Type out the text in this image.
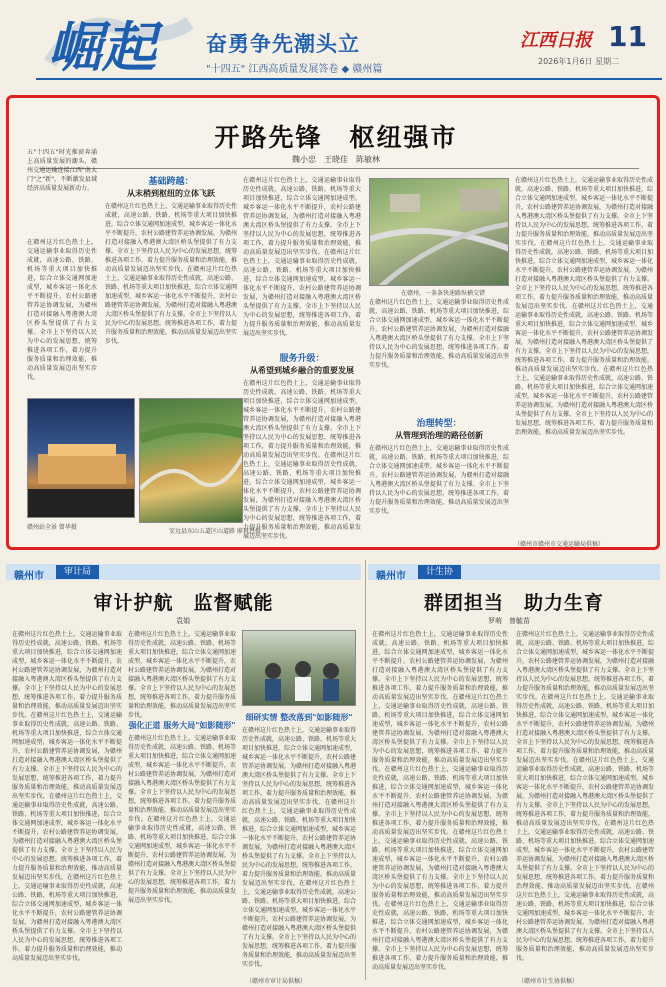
崛起	奋勇争先潮头立
"十四五" 江西高质量发展答卷 ◆ 赣州篇
江西日报 11
2026年1月6日 星期二
开路先锋　枢纽强市
魏小忠　王晓佳　陈敏林
五"十四五"时光推窗奔涌上高质量发展的潮头，赣州交通运输连接江西"南大门"之"新"，不断激发县域经济高质量发展新动力。
在赣州这片红色热土上，交通运输事业取得历史性成就，高速公路、铁路、机场等重大项目加快推进，综合立体交通网加速成型，城乡客运一体化水平不断提升，农村公路建管养运协调发展，为赣州打造对接融入粤港澳大湾区桥头堡提供了有力支撑。全市上下坚持以人民为中心的发展思想，统筹推进各项工作，着力提升服务质量和治理效能，推动高质量发展迈出坚实步伐。
基础跨越：
从末梢到枢纽的立体飞跃
在赣州这片红色热土上，交通运输事业取得历史性成就，高速公路、铁路、机场等重大项目加快推进，综合立体交通网加速成型，城乡客运一体化水平不断提升，农村公路建管养运协调发展，为赣州打造对接融入粤港澳大湾区桥头堡提供了有力支撑。全市上下坚持以人民为中心的发展思想，统筹推进各项工作，着力提升服务质量和治理效能，推动高质量发展迈出坚实步伐。在赣州这片红色热土上，交通运输事业取得历史性成就，高速公路、铁路、机场等重大项目加快推进，综合立体交通网加速成型，城乡客运一体化水平不断提升，农村公路建管养运协调发展，为赣州打造对接融入粤港澳大湾区桥头堡提供了有力支撑。全市上下坚持以人民为中心的发展思想，统筹推进各项工作，着力提升服务质量和治理效能，推动高质量发展迈出坚实步伐。
在赣州这片红色热土上，交通运输事业取得历史性成就，高速公路、铁路、机场等重大项目加快推进，综合立体交通网加速成型，城乡客运一体化水平不断提升，农村公路建管养运协调发展，为赣州打造对接融入粤港澳大湾区桥头堡提供了有力支撑。全市上下坚持以人民为中心的发展思想，统筹推进各项工作，着力提升服务质量和治理效能，推动高质量发展迈出坚实步伐。在赣州这片红色热土上，交通运输事业取得历史性成就，高速公路、铁路、机场等重大项目加快推进，综合立体交通网加速成型，城乡客运一体化水平不断提升，农村公路建管养运协调发展，为赣州打造对接融入粤港澳大湾区桥头堡提供了有力支撑。全市上下坚持以人民为中心的发展思想，统筹推进各项工作，着力提升服务质量和治理效能，推动高质量发展迈出坚实步伐。
服务升级：
从希望到城乡融合的重要发展
在赣州这片红色热土上，交通运输事业取得历史性成就，高速公路、铁路、机场等重大项目加快推进，综合立体交通网加速成型，城乡客运一体化水平不断提升，农村公路建管养运协调发展，为赣州打造对接融入粤港澳大湾区桥头堡提供了有力支撑。全市上下坚持以人民为中心的发展思想，统筹推进各项工作，着力提升服务质量和治理效能，推动高质量发展迈出坚实步伐。在赣州这片红色热土上，交通运输事业取得历史性成就，高速公路、铁路、机场等重大项目加快推进，综合立体交通网加速成型，城乡客运一体化水平不断提升，农村公路建管养运协调发展，为赣州打造对接融入粤港澳大湾区桥头堡提供了有力支撑。全市上下坚持以人民为中心的发展思想，统筹推进各项工作，着力提升服务质量和治理效能，推动高质量发展迈出坚实步伐。
在赣州，一条条快速路纵横交错
在赣州这片红色热土上，交通运输事业取得历史性成就，高速公路、铁路、机场等重大项目加快推进，综合立体交通网加速成型，城乡客运一体化水平不断提升，农村公路建管养运协调发展，为赣州打造对接融入粤港澳大湾区桥头堡提供了有力支撑。全市上下坚持以人民为中心的发展思想，统筹推进各项工作，着力提升服务质量和治理效能，推动高质量发展迈出坚实步伐。在赣州这片红色热土上，交通运输事业取得历史性成就，高速公路、铁路、机场等重大项目加快推进，综合立体交通网加速成型，城乡客运一体化水平不断提升，农村公路建管养运协调发展，为赣州打造对接融入粤港澳大湾区桥头堡提供了有力支撑。全市上下坚持以人民为中心的发展思想，统筹推进各项工作，着力提升服务质量和治理效能，推动高质量发展迈出坚实步伐。在赣州这片红色热土上，交通运输事业取得历史性成就，高速公路、铁路、机场等重大项目加快推进，综合立体交通网加速成型，城乡客运一体化水平不断提升，农村公路建管养运协调发展，为赣州打造对接融入粤港澳大湾区桥头堡提供了有力支撑。全市上下坚持以人民为中心的发展思想，统筹推进各项工作，着力提升服务质量和治理效能，推动高质量发展迈出坚实步伐。在赣州这片红色热土上，交通运输事业取得历史性成就，高速公路、铁路、机场等重大项目加快推进，综合立体交通网加速成型，城乡客运一体化水平不断提升，农村公路建管养运协调发展，为赣州打造对接融入粤港澳大湾区桥头堡提供了有力支撑。全市上下坚持以人民为中心的发展思想，统筹推进各项工作，着力提升服务质量和治理效能，推动高质量发展迈出坚实步伐。
在赣州这片红色热土上，交通运输事业取得历史性成就，高速公路、铁路、机场等重大项目加快推进，综合立体交通网加速成型，城乡客运一体化水平不断提升，农村公路建管养运协调发展，为赣州打造对接融入粤港澳大湾区桥头堡提供了有力支撑。全市上下坚持以人民为中心的发展思想，统筹推进各项工作，着力提升服务质量和治理效能，推动高质量发展迈出坚实步伐。
治理转型：
从管理到治理的路径创新
在赣州这片红色热土上，交通运输事业取得历史性成就，高速公路、铁路、机场等重大项目加快推进，综合立体交通网加速成型，城乡客运一体化水平不断提升，农村公路建管养运协调发展，为赣州打造对接融入粤港澳大湾区桥头堡提供了有力支撑。全市上下坚持以人民为中心的发展思想，统筹推进各项工作，着力提升服务质量和治理效能，推动高质量发展迈出坚实步伐。
赣州站全景 曾华摄
安远县东山五道区山道路 廖祝恩摄
（赣州市赣州市交通运输局供稿）
赣州市	审计局
审计护航　监督赋能
袁娟
在赣州这片红色热土上，交通运输事业取得历史性成就，高速公路、铁路、机场等重大项目加快推进，综合立体交通网加速成型，城乡客运一体化水平不断提升，农村公路建管养运协调发展，为赣州打造对接融入粤港澳大湾区桥头堡提供了有力支撑。全市上下坚持以人民为中心的发展思想，统筹推进各项工作，着力提升服务质量和治理效能，推动高质量发展迈出坚实步伐。在赣州这片红色热土上，交通运输事业取得历史性成就，高速公路、铁路、机场等重大项目加快推进，综合立体交通网加速成型，城乡客运一体化水平不断提升，农村公路建管养运协调发展，为赣州打造对接融入粤港澳大湾区桥头堡提供了有力支撑。全市上下坚持以人民为中心的发展思想，统筹推进各项工作，着力提升服务质量和治理效能，推动高质量发展迈出坚实步伐。在赣州这片红色热土上，交通运输事业取得历史性成就，高速公路、铁路、机场等重大项目加快推进，综合立体交通网加速成型，城乡客运一体化水平不断提升，农村公路建管养运协调发展，为赣州打造对接融入粤港澳大湾区桥头堡提供了有力支撑。全市上下坚持以人民为中心的发展思想，统筹推进各项工作，着力提升服务质量和治理效能，推动高质量发展迈出坚实步伐。在赣州这片红色热土上，交通运输事业取得历史性成就，高速公路、铁路、机场等重大项目加快推进，综合立体交通网加速成型，城乡客运一体化水平不断提升，农村公路建管养运协调发展，为赣州打造对接融入粤港澳大湾区桥头堡提供了有力支撑。全市上下坚持以人民为中心的发展思想，统筹推进各项工作，着力提升服务质量和治理效能，推动高质量发展迈出坚实步伐。
在赣州这片红色热土上，交通运输事业取得历史性成就，高速公路、铁路、机场等重大项目加快推进，综合立体交通网加速成型，城乡客运一体化水平不断提升，农村公路建管养运协调发展，为赣州打造对接融入粤港澳大湾区桥头堡提供了有力支撑。全市上下坚持以人民为中心的发展思想，统筹推进各项工作，着力提升服务质量和治理效能，推动高质量发展迈出坚实步伐。
强化正道 服务大局"如影随形"
在赣州这片红色热土上，交通运输事业取得历史性成就，高速公路、铁路、机场等重大项目加快推进，综合立体交通网加速成型，城乡客运一体化水平不断提升，农村公路建管养运协调发展，为赣州打造对接融入粤港澳大湾区桥头堡提供了有力支撑。全市上下坚持以人民为中心的发展思想，统筹推进各项工作，着力提升服务质量和治理效能，推动高质量发展迈出坚实步伐。在赣州这片红色热土上，交通运输事业取得历史性成就，高速公路、铁路、机场等重大项目加快推进，综合立体交通网加速成型，城乡客运一体化水平不断提升，农村公路建管养运协调发展，为赣州打造对接融入粤港澳大湾区桥头堡提供了有力支撑。全市上下坚持以人民为中心的发展思想，统筹推进各项工作，着力提升服务质量和治理效能，推动高质量发展迈出坚实步伐。
细研实情 整改落到"如影随形"
在赣州这片红色热土上，交通运输事业取得历史性成就，高速公路、铁路、机场等重大项目加快推进，综合立体交通网加速成型，城乡客运一体化水平不断提升，农村公路建管养运协调发展，为赣州打造对接融入粤港澳大湾区桥头堡提供了有力支撑。全市上下坚持以人民为中心的发展思想，统筹推进各项工作，着力提升服务质量和治理效能，推动高质量发展迈出坚实步伐。在赣州这片红色热土上，交通运输事业取得历史性成就，高速公路、铁路、机场等重大项目加快推进，综合立体交通网加速成型，城乡客运一体化水平不断提升，农村公路建管养运协调发展，为赣州打造对接融入粤港澳大湾区桥头堡提供了有力支撑。全市上下坚持以人民为中心的发展思想，统筹推进各项工作，着力提升服务质量和治理效能，推动高质量发展迈出坚实步伐。在赣州这片红色热土上，交通运输事业取得历史性成就，高速公路、铁路、机场等重大项目加快推进，综合立体交通网加速成型，城乡客运一体化水平不断提升，农村公路建管养运协调发展，为赣州打造对接融入粤港澳大湾区桥头堡提供了有力支撑。全市上下坚持以人民为中心的发展思想，统筹推进各项工作，着力提升服务质量和治理效能，推动高质量发展迈出坚实步伐。
（赣州市审计局供稿）
赣州市	计生协
群团担当　助力生育
罗萌　曾毓苗
在赣州这片红色热土上，交通运输事业取得历史性成就，高速公路、铁路、机场等重大项目加快推进，综合立体交通网加速成型，城乡客运一体化水平不断提升，农村公路建管养运协调发展，为赣州打造对接融入粤港澳大湾区桥头堡提供了有力支撑。全市上下坚持以人民为中心的发展思想，统筹推进各项工作，着力提升服务质量和治理效能，推动高质量发展迈出坚实步伐。在赣州这片红色热土上，交通运输事业取得历史性成就，高速公路、铁路、机场等重大项目加快推进，综合立体交通网加速成型，城乡客运一体化水平不断提升，农村公路建管养运协调发展，为赣州打造对接融入粤港澳大湾区桥头堡提供了有力支撑。全市上下坚持以人民为中心的发展思想，统筹推进各项工作，着力提升服务质量和治理效能，推动高质量发展迈出坚实步伐。在赣州这片红色热土上，交通运输事业取得历史性成就，高速公路、铁路、机场等重大项目加快推进，综合立体交通网加速成型，城乡客运一体化水平不断提升，农村公路建管养运协调发展，为赣州打造对接融入粤港澳大湾区桥头堡提供了有力支撑。全市上下坚持以人民为中心的发展思想，统筹推进各项工作，着力提升服务质量和治理效能，推动高质量发展迈出坚实步伐。在赣州这片红色热土上，交通运输事业取得历史性成就，高速公路、铁路、机场等重大项目加快推进，综合立体交通网加速成型，城乡客运一体化水平不断提升，农村公路建管养运协调发展，为赣州打造对接融入粤港澳大湾区桥头堡提供了有力支撑。全市上下坚持以人民为中心的发展思想，统筹推进各项工作，着力提升服务质量和治理效能，推动高质量发展迈出坚实步伐。在赣州这片红色热土上，交通运输事业取得历史性成就，高速公路、铁路、机场等重大项目加快推进，综合立体交通网加速成型，城乡客运一体化水平不断提升，农村公路建管养运协调发展，为赣州打造对接融入粤港澳大湾区桥头堡提供了有力支撑。全市上下坚持以人民为中心的发展思想，统筹推进各项工作，着力提升服务质量和治理效能，推动高质量发展迈出坚实步伐。
在赣州这片红色热土上，交通运输事业取得历史性成就，高速公路、铁路、机场等重大项目加快推进，综合立体交通网加速成型，城乡客运一体化水平不断提升，农村公路建管养运协调发展，为赣州打造对接融入粤港澳大湾区桥头堡提供了有力支撑。全市上下坚持以人民为中心的发展思想，统筹推进各项工作，着力提升服务质量和治理效能，推动高质量发展迈出坚实步伐。在赣州这片红色热土上，交通运输事业取得历史性成就，高速公路、铁路、机场等重大项目加快推进，综合立体交通网加速成型，城乡客运一体化水平不断提升，农村公路建管养运协调发展，为赣州打造对接融入粤港澳大湾区桥头堡提供了有力支撑。全市上下坚持以人民为中心的发展思想，统筹推进各项工作，着力提升服务质量和治理效能，推动高质量发展迈出坚实步伐。在赣州这片红色热土上，交通运输事业取得历史性成就，高速公路、铁路、机场等重大项目加快推进，综合立体交通网加速成型，城乡客运一体化水平不断提升，农村公路建管养运协调发展，为赣州打造对接融入粤港澳大湾区桥头堡提供了有力支撑。全市上下坚持以人民为中心的发展思想，统筹推进各项工作，着力提升服务质量和治理效能，推动高质量发展迈出坚实步伐。在赣州这片红色热土上，交通运输事业取得历史性成就，高速公路、铁路、机场等重大项目加快推进，综合立体交通网加速成型，城乡客运一体化水平不断提升，农村公路建管养运协调发展，为赣州打造对接融入粤港澳大湾区桥头堡提供了有力支撑。全市上下坚持以人民为中心的发展思想，统筹推进各项工作，着力提升服务质量和治理效能，推动高质量发展迈出坚实步伐。在赣州这片红色热土上，交通运输事业取得历史性成就，高速公路、铁路、机场等重大项目加快推进，综合立体交通网加速成型，城乡客运一体化水平不断提升，农村公路建管养运协调发展，为赣州打造对接融入粤港澳大湾区桥头堡提供了有力支撑。全市上下坚持以人民为中心的发展思想，统筹推进各项工作，着力提升服务质量和治理效能，推动高质量发展迈出坚实步伐。
（赣州市计生协供稿）
